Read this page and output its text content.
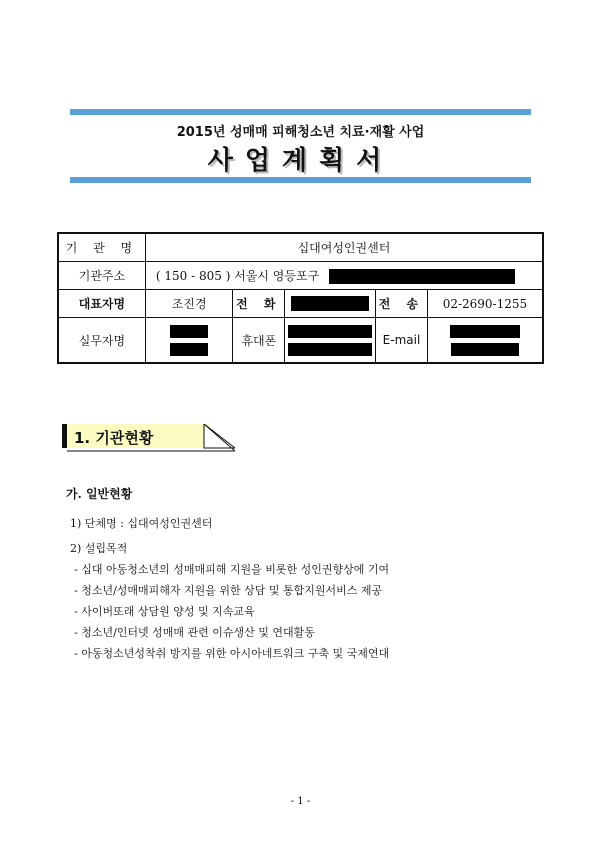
2015년 성매매 피해청소년 치료·재활 사업
사업계획서
기 관 명	십대여성인권센터				
기관주소	( 150 - 805 ) 서울시 영등포구				
대표자명	조진경	전 화		전 송	02-2690-1255
실무자명		휴대폰		E-mail	
1. 기관현황
가. 일반현황
1) 단체명 : 십대여성인권센터
2) 설립목적
- 십대 아동청소년의 성매매피해 지원을 비롯한 성인권향상에 기여
- 청소년/성매매피해자 지원을 위한 상담 및 통합지원서비스 제공
- 사이버또래 상담원 양성 및 지속교육
- 청소년/인터넷 성매매 관련 이슈생산 및 연대활동
- 아동청소년성착취 방지를 위한 아시아네트워크 구축 및 국제연대
- 1 -
